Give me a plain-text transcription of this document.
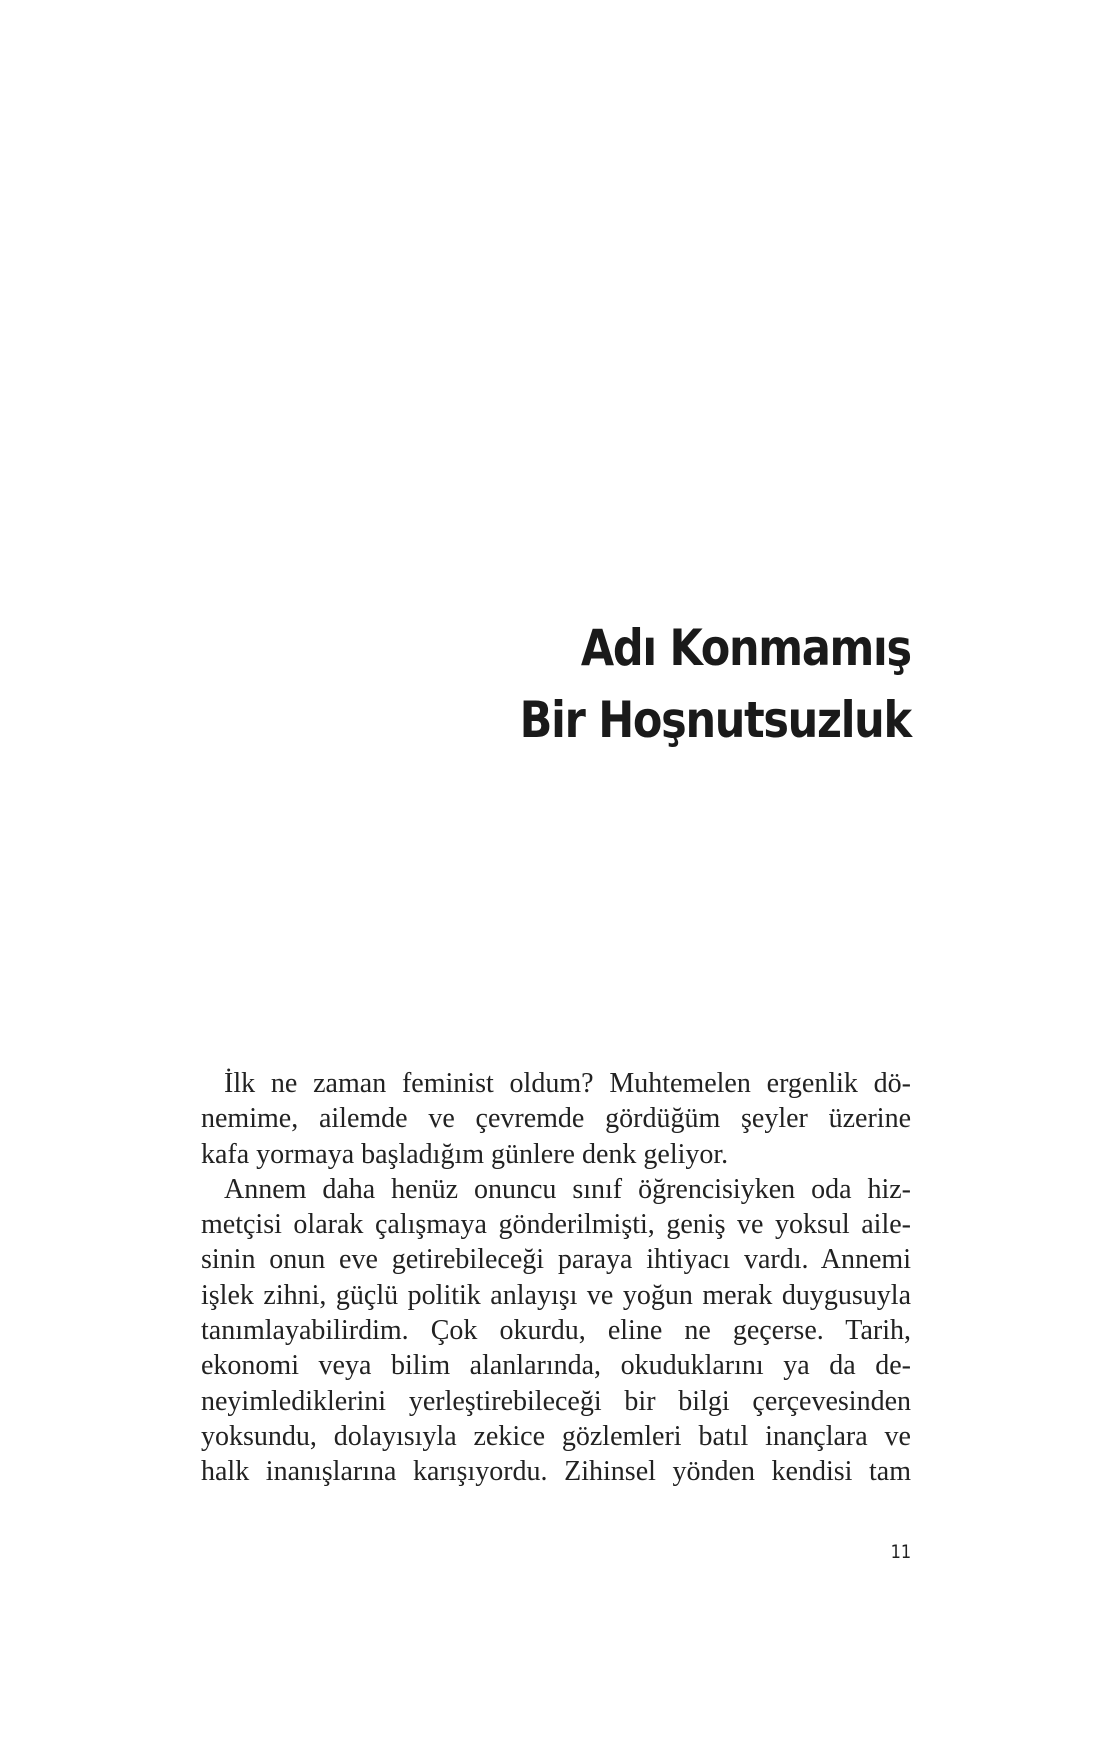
Adı Konmamış
Bir Hoşnutsuzluk
İlk ne zaman feminist oldum? Muhtemelen ergenlik dö-
nemime, ailemde ve çevremde gördüğüm şeyler üzerine
kafa yormaya başladığım günlere denk geliyor.
Annem daha henüz onuncu sınıf öğrencisiyken oda hiz-
metçisi olarak çalışmaya gönderilmişti, geniş ve yoksul aile-
sinin onun eve getirebileceği paraya ihtiyacı vardı. Annemi
işlek zihni, güçlü politik anlayışı ve yoğun merak duygusuyla
tanımlayabilirdim. Çok okurdu, eline ne geçerse. Tarih,
ekonomi veya bilim alanlarında, okuduklarını ya da de-
neyimlediklerini yerleştirebileceği bir bilgi çerçevesinden
yoksundu, dolayısıyla zekice gözlemleri batıl inançlara ve
halk inanışlarına karışıyordu. Zihinsel yönden kendisi tam
11
